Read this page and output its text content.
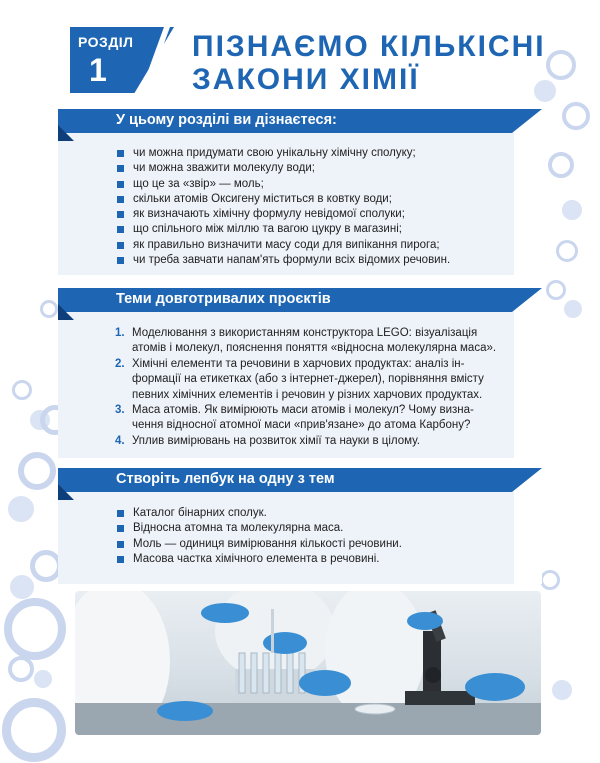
РОЗДІЛ
1
ПІЗНАЄМО КІЛЬКІСНІ
ЗАКОНИ ХІМІЇ
У цьому розділі ви дізнаєтеся:
чи можна придумати свою унікальну хімічну сполуку;
чи можна зважити молекулу води;
що це за «звір» — моль;
скільки атомів Оксигену міститься в ковтку води;
як визначають хімічну формулу невідомої сполуки;
що спільного між міллю та вагою цукру в магазині;
як правильно визначити масу соди для випікання пирога;
чи треба завчати напам'ять формули всіх відомих речовин.
Теми довготривалих проєктів
1. Моделювання з використанням конструктора LEGO: візуалізація
атомів і молекул, пояснення поняття «відносна молекулярна маса».
2. Хімічні елементи та речовини в харчових продуктах: аналіз ін-
формації на етикетках (або з інтернет-джерел), порівняння вмісту
певних хімічних елементів і речовин у різних харчових продуктах.
3. Маса атомів. Як вимірюють маси атомів і молекул? Чому визна-
чення відносної атомної маси «прив'язане» до атома Карбону?
4. Уплив вимірювань на розвиток хімії та науки в цілому.
Створіть лепбук на одну з тем
Каталог бінарних сполук.
Відносна атомна та молекулярна маса.
Моль — одиниця вимірювання кількості речовини.
Масова частка хімічного елемента в речовині.
